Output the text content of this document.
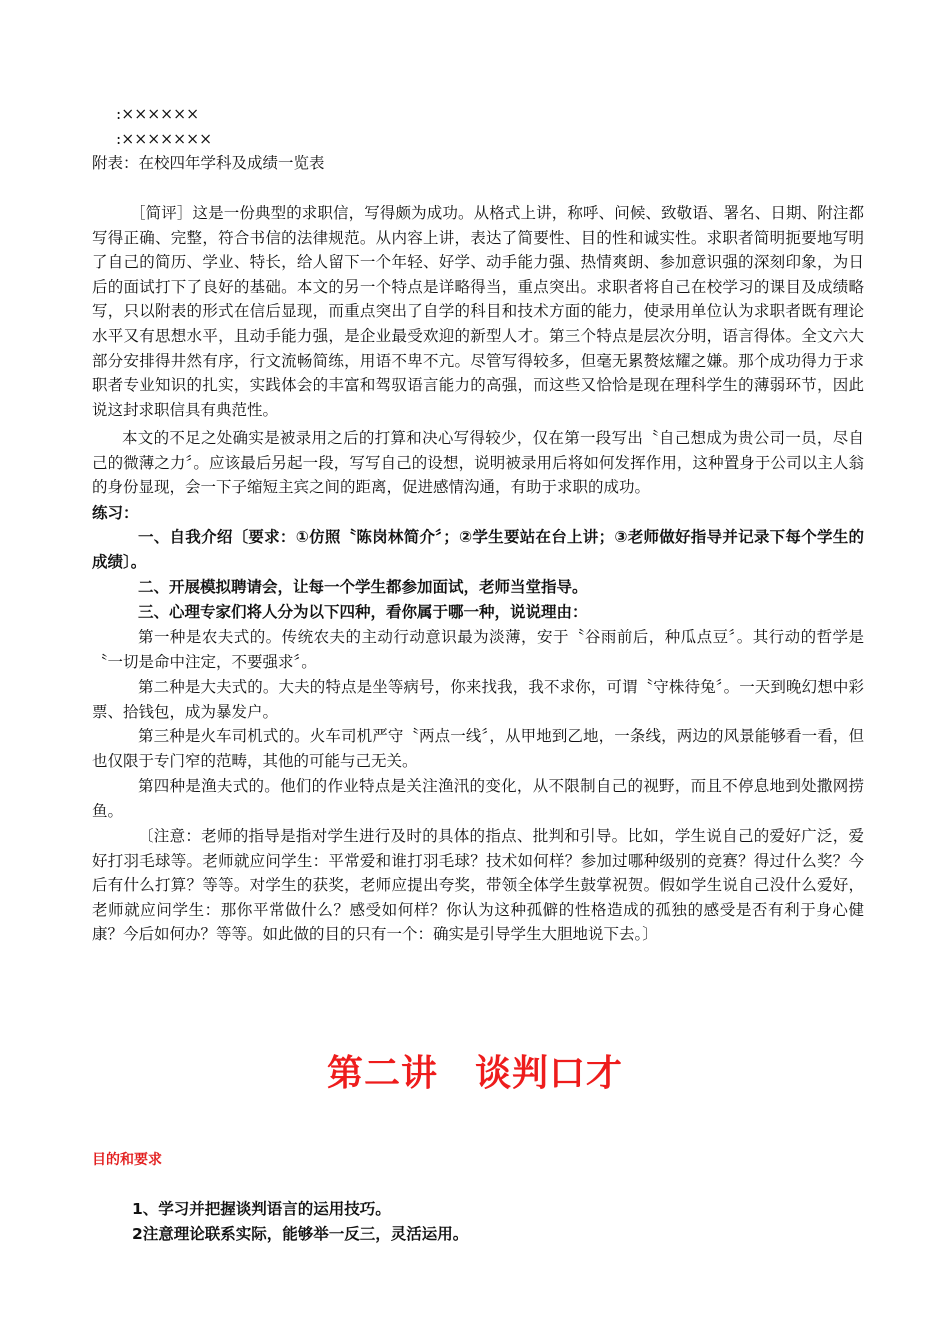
:××××××

:×××××××

附表：在校四年学科及成绩一览表

［简评］这是一份典型的求职信，写得颇为成功。从格式上讲，称呼、问候、致敬语、署名、日期、附注都写得正确、完整，符合书信的法律规范。从内容上讲，表达了简要性、目的性和诚实性。求职者简明扼要地写明了自己的简历、学业、特长，给人留下一个年轻、好学、动手能力强、热情爽朗、参加意识强的深刻印象，为日后的面试打下了良好的基础。本文的另一个特点是详略得当，重点突出。求职者将自己在校学习的课目及成绩略写，只以附表的形式在信后显现，而重点突出了自学的科目和技术方面的能力，使录用单位认为求职者既有理论水平又有思想水平，且动手能力强，是企业最受欢迎的新型人才。第三个特点是层次分明，语言得体。全文六大部分安排得井然有序，行文流畅简练，用语不卑不亢。尽管写得较多，但毫无累赘炫耀之嫌。那个成功得力于求职者专业知识的扎实，实践体会的丰富和驾驭语言能力的高强，而这些又恰恰是现在理科学生的薄弱环节，因此说这封求职信具有典范性。

本文的不足之处确实是被录用之后的打算和决心写得较少，仅在第一段写出〝自己想成为贵公司一员，尽自己的微薄之力〞。应该最后另起一段，写写自己的设想，说明被录用后将如何发挥作用，这种置身于公司以主人翁的身份显现，会一下子缩短主宾之间的距离，促进感情沟通，有助于求职的成功。

练习：

一、自我介绍〔要求：①仿照〝陈岗林简介〞；②学生要站在台上讲；③老师做好指导并记录下每个学生的成绩〕。

二、开展模拟聘请会，让每一个学生都参加面试，老师当堂指导。

三、心理专家们将人分为以下四种，看你属于哪一种，说说理由：

第一种是农夫式的。传统农夫的主动行动意识最为淡薄，安于〝谷雨前后，种瓜点豆〞。其行动的哲学是〝一切是命中注定，不要强求〞。

第二种是大夫式的。大夫的特点是坐等病号，你来找我，我不求你，可谓〝守株待兔〞。一天到晚幻想中彩票、拾钱包，成为暴发户。

第三种是火车司机式的。火车司机严守〝两点一线〞，从甲地到乙地，一条线，两边的风景能够看一看，但也仅限于专门窄的范畴，其他的可能与己无关。

第四种是渔夫式的。他们的作业特点是关注渔汛的变化，从不限制自己的视野，而且不停息地到处撒网捞鱼。

〔注意：老师的指导是指对学生进行及时的具体的指点、批判和引导。比如，学生说自己的爱好广泛，爱好打羽毛球等。老师就应问学生：平常爱和谁打羽毛球？技术如何样？参加过哪种级别的竞赛？得过什么奖？今后有什么打算？等等。对学生的获奖，老师应提出夸奖，带领全体学生鼓掌祝贺。假如学生说自己没什么爱好，老师就应问学生：那你平常做什么？感受如何样？你认为这种孤僻的性格造成的孤独的感受是否有利于身心健康？今后如何办？等等。如此做的目的只有一个：确实是引导学生大胆地说下去。〕

第二讲　谈判口才
目的和要求

1、学习并把握谈判语言的运用技巧。

2注意理论联系实际，能够举一反三，灵活运用。
